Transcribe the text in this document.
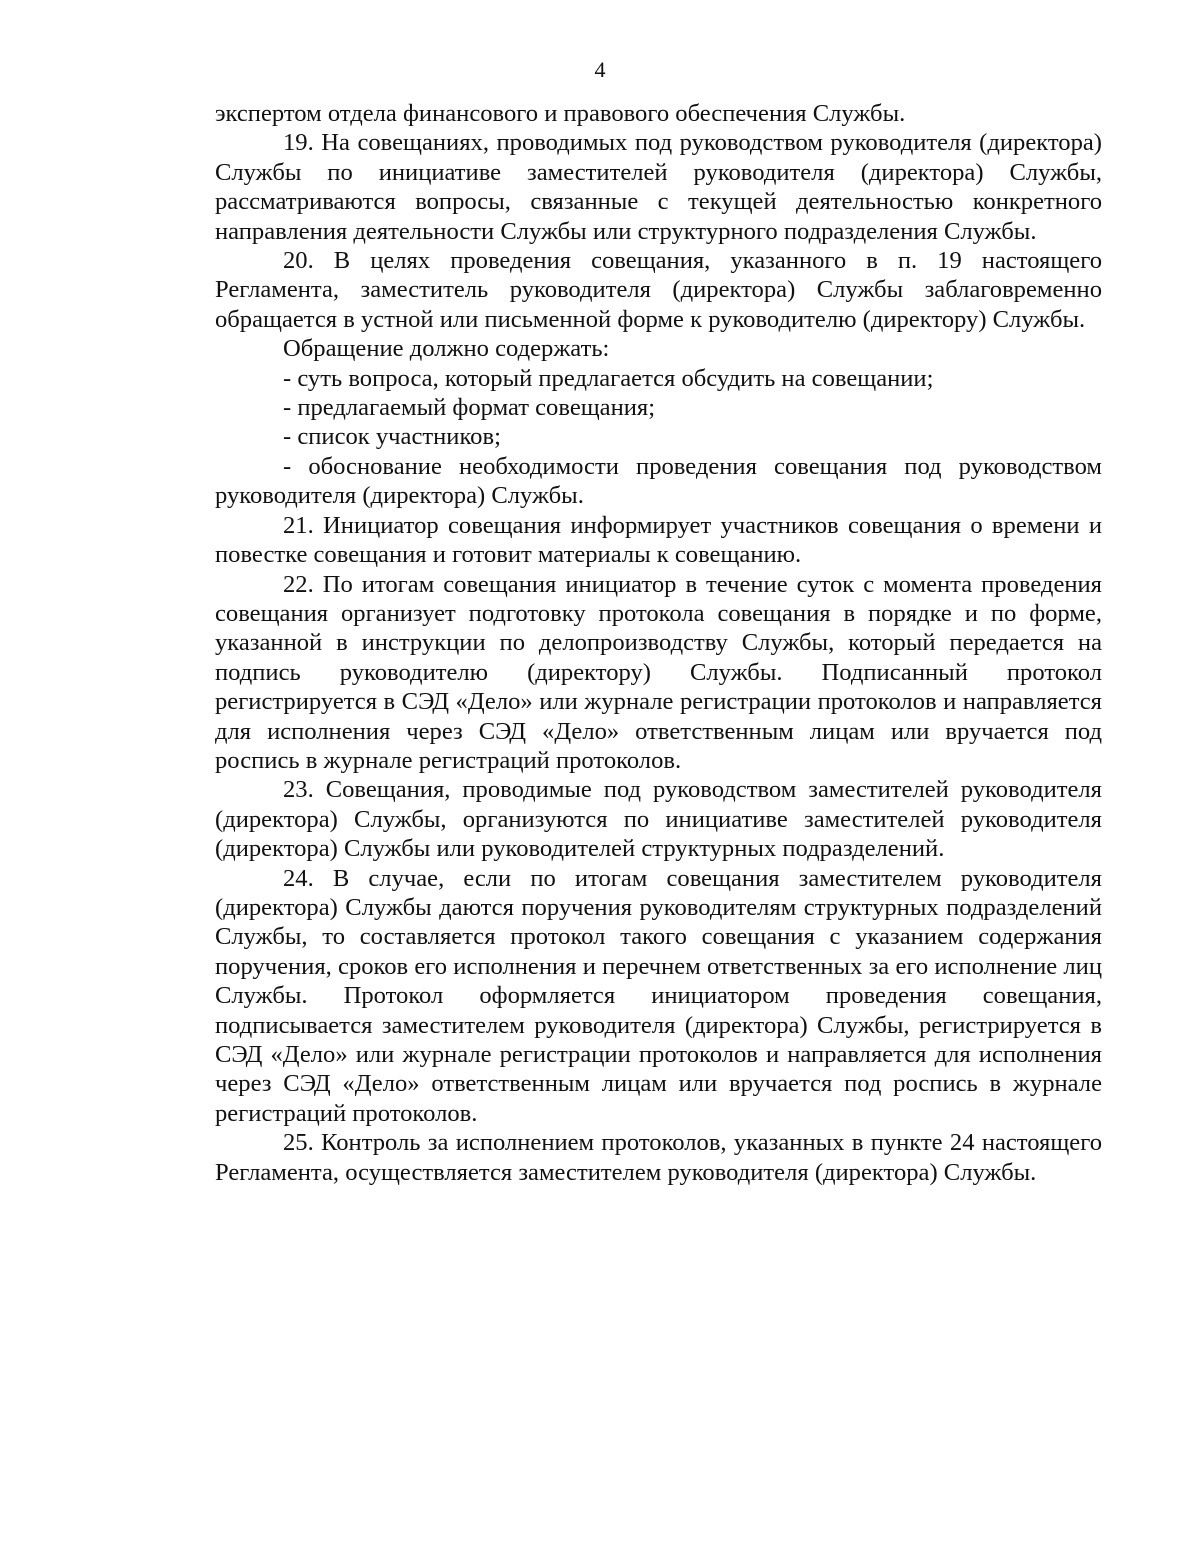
4

экспертом отдела финансового и правового обеспечения Службы.

19. На совещаниях, проводимых под руководством руководителя (директора) Службы по инициативе заместителей руководителя (директора) Службы, рассматриваются вопросы, связанные с текущей деятельностью конкретного направления деятельности Службы или структурного подразделения Службы.

20. В целях проведения совещания, указанного в п. 19 настоящего Регламента, заместитель руководителя (директора) Службы заблаговременно обращается в устной или письменной форме к руководителю (директору) Службы.

Обращение должно содержать:

- суть вопроса, который предлагается обсудить на совещании;

- предлагаемый формат совещания;

- список участников;

- обоснование необходимости проведения совещания под руководством руководителя (директора) Службы.

21. Инициатор совещания информирует участников совещания о времени и повестке совещания и готовит материалы к совещанию.

22. По итогам совещания инициатор в течение суток с момента проведения совещания организует подготовку протокола совещания в порядке и по форме, указанной в инструкции по делопроизводству Службы, который передается на подпись руководителю (директору) Службы. Подписанный протокол регистрируется в СЭД «Дело» или журнале регистрации протоколов и направляется для исполнения через СЭД «Дело» ответственным лицам или вручается под роспись в журнале регистраций протоколов.

23. Совещания, проводимые под руководством заместителей руководителя (директора) Службы, организуются по инициативе заместителей руководителя (директора) Службы или руководителей структурных подразделений.

24. В случае, если по итогам совещания заместителем руководителя (директора) Службы даются поручения руководителям структурных подразделений Службы, то составляется протокол такого совещания с указанием содержания поручения, сроков его исполнения и перечнем ответственных за его исполнение лиц Службы. Протокол оформляется инициатором проведения совещания, подписывается заместителем руководителя (директора) Службы, регистрируется в СЭД «Дело» или журнале регистрации протоколов и направляется для исполнения через СЭД «Дело» ответственным лицам или вручается под роспись в журнале регистраций протоколов.

25. Контроль за исполнением протоколов, указанных в пункте 24 настоящего Регламента, осуществляется заместителем руководителя (директора) Службы.
